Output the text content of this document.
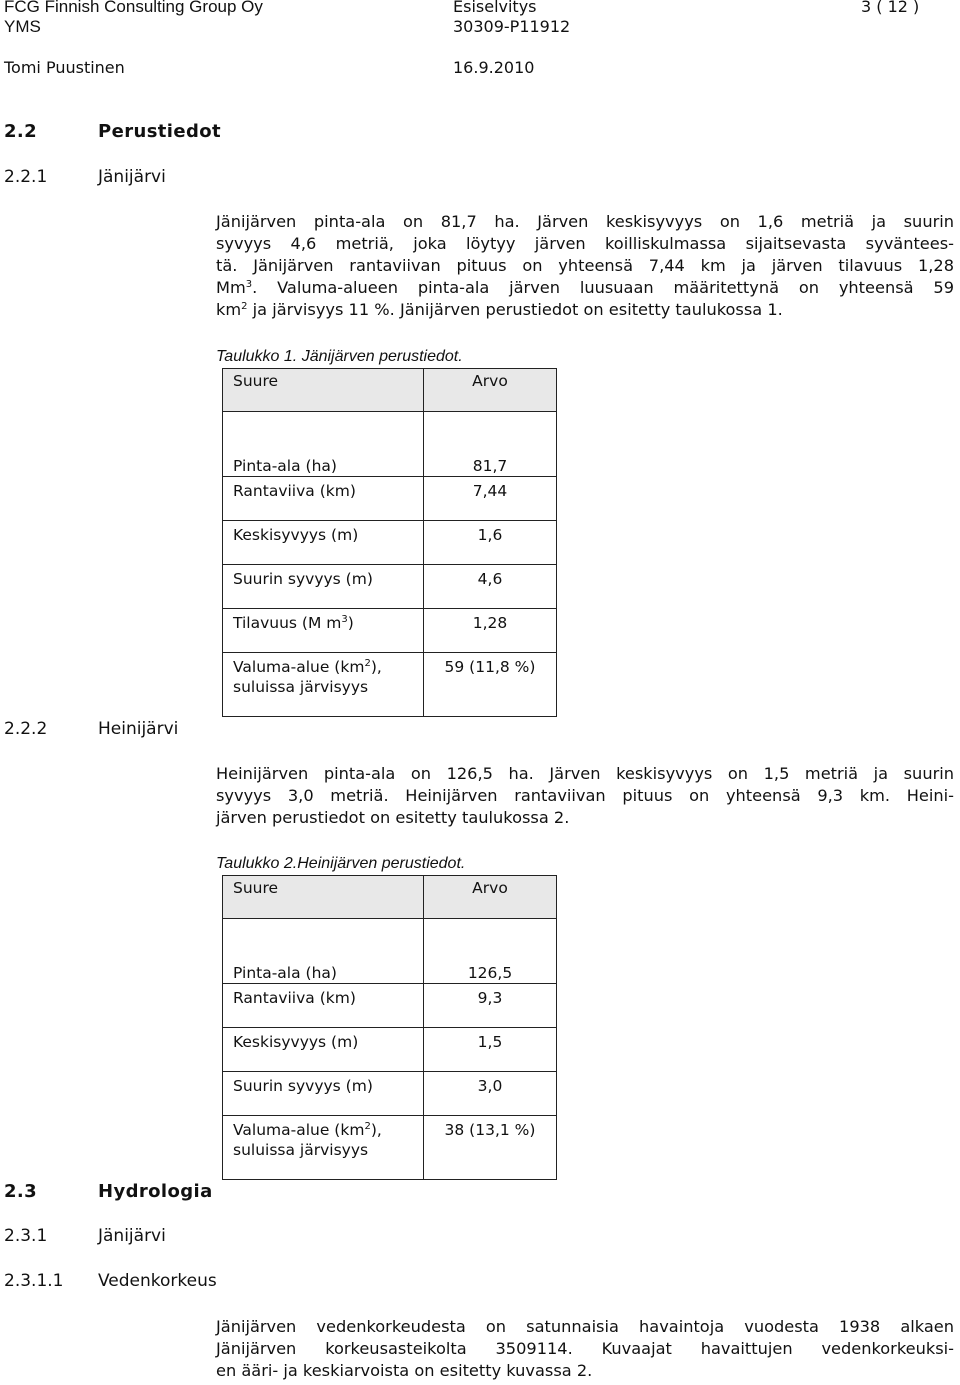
FCG Finnish Consulting Group Oy
YMS
Tomi Puustinen
Esiselvitys
30309-P11912
16.9.2010
3 ( 12 )
2.2	Perustiedot
2.2.1	Jänijärvi
Jänijärven pinta-ala on 81,7 ha. Järven keskisyvyys on 1,6 metriä ja suurin
syvyys 4,6 metriä, joka löytyy järven koilliskulmassa sijaitsevasta syväntees-
tä. Jänijärven rantaviivan pituus on yhteensä 7,44 km ja järven tilavuus 1,28
Mm$^3$. Valuma-alueen pinta-ala järven luusuaan määritettynä on yhteensä 59
$km^2$ ja järvisyys 11 %. Jänijärven perustiedot on esitetty taulukossa 1.
Taulukko 1. Jänijärven perustiedot.
Suure	Arvo

Pinta-ala (ha)	81,7

Rantaviiva (km)	7,44

Keskisyvyys (m)	1,6

Suurin syvyys (m)	4,6

Tilavuus (M $m^3$)	1,28

Valuma-alue $(km^2)$,
suluissa järvisyys	59 (11,8 %)
2.2.2	Heinijärvi
Heinijärven pinta-ala on 126,5 ha. Järven keskisyvyys on 1,5 metriä ja suurin
syvyys 3,0 metriä. Heinijärven rantaviivan pituus on yhteensä 9,3 km. Heini-
järven perustiedot on esitetty taulukossa 2.
Taulukko 2.Heinijärven perustiedot.
Suure	Arvo

Pinta-ala (ha)	126,5

Rantaviiva (km)	9,3

Keskisyvyys (m)	1,5

Suurin syvyys (m)	3,0

Valuma-alue $(km^2)$,
suluissa järvisyys	38 (13,1 %)
2.3	Hydrologia
2.3.1	Jänijärvi
2.3.1.1 Vedenkorkeus
Jänijärven vedenkorkeudesta on satunnaisia havaintoja vuodesta 1938 alkaen
Jänijärven korkeusasteikolta 3509114. Kuvaajat havaittujen vedenkorkeuksi-
en ääri- ja keskiarvoista on esitetty kuvassa 2.
